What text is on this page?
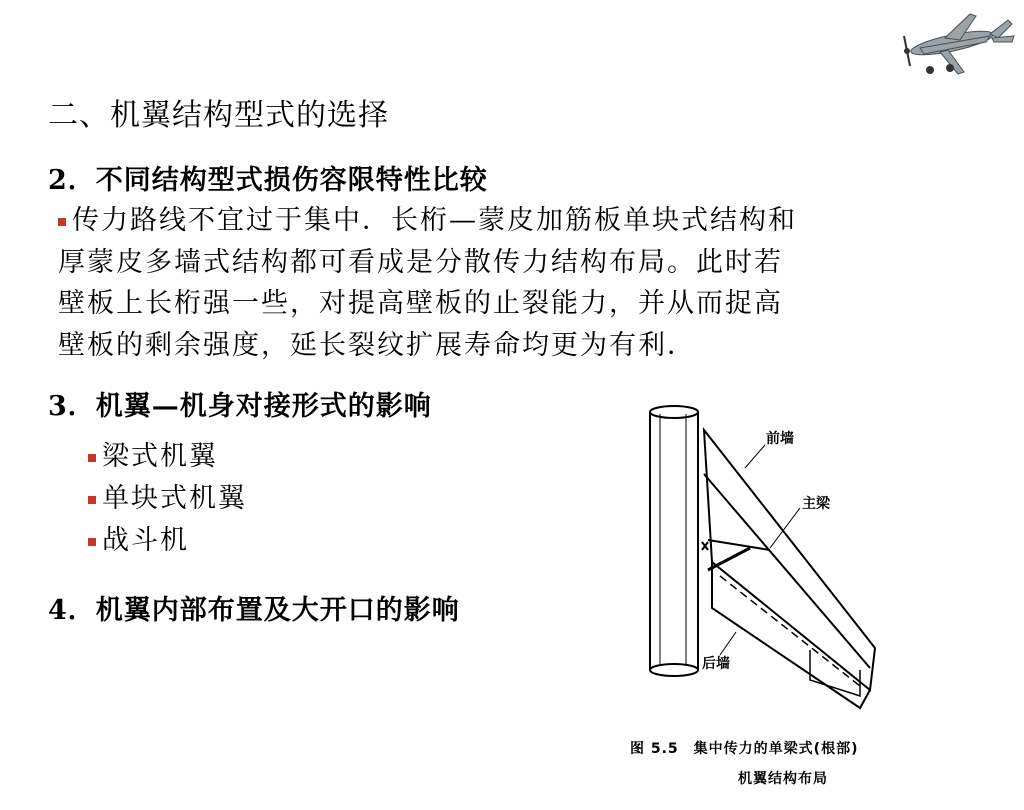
二、机翼结构型式的选择
2．不同结构型式损伤容限特性比较
传力路线不宜过于集中．长桁—蒙皮加筋板单块式结构和
厚蒙皮多墙式结构都可看成是分散传力结构布局。此时若
壁板上长桁强一些，对提高壁板的止裂能力，并从而捉高
壁板的剩余强度，延长裂纹扩展寿命均更为有利．
3．机翼—机身对接形式的影响
梁式机翼
单块式机翼
战斗机
4．机翼内部布置及大开口的影响
前墙
主梁
后墙
图 5.5　集中传力的单梁式(根部)
机翼结构布局
